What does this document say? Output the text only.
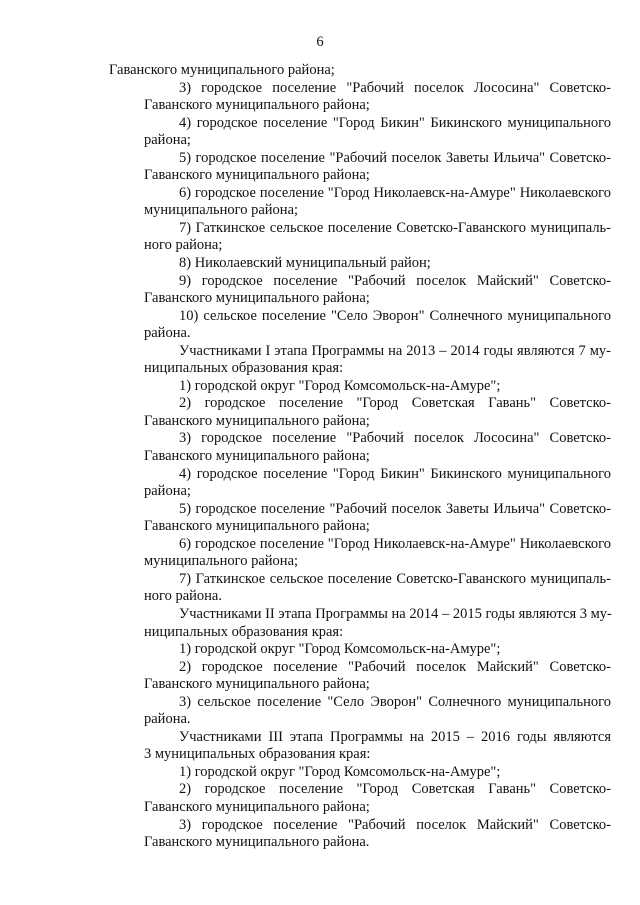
6
Гаванского муниципального района;
3) городское поселение "Рабочий поселок Лососина" Советско-
Гаванского муниципального района;
4) городское поселение "Город Бикин" Бикинского муниципального
района;
5) городское поселение "Рабочий поселок Заветы Ильича" Советско-
Гаванского муниципального района;
6) городское поселение "Город Николаевск-на-Амуре" Николаевского
муниципального района;
7) Гаткинское сельское поселение Советско-Гаванского муниципаль-
ного района;
8) Николаевский муниципальный район;
9) городское поселение "Рабочий поселок Майский" Советско-
Гаванского муниципального района;
10) сельское поселение "Село Эворон" Солнечного муниципального
района.
Участниками I этапа Программы на 2013 – 2014 годы являются 7 му-
ниципальных образования края:
1) городской округ "Город Комсомольск-на-Амуре";
2) городское поселение "Город Советская Гавань" Советско-
Гаванского муниципального района;
3) городское поселение "Рабочий поселок Лососина" Советско-
Гаванского муниципального района;
4) городское поселение "Город Бикин" Бикинского муниципального
района;
5) городское поселение "Рабочий поселок Заветы Ильича" Советско-
Гаванского муниципального района;
6) городское поселение "Город Николаевск-на-Амуре" Николаевского
муниципального района;
7) Гаткинское сельское поселение Советско-Гаванского муниципаль-
ного района.
Участниками II этапа Программы на 2014 – 2015 годы являются 3 му-
ниципальных образования края:
1) городской округ "Город Комсомольск-на-Амуре";
2) городское поселение "Рабочий поселок Майский" Советско-
Гаванского муниципального района;
3) сельское поселение "Село Эворон" Солнечного муниципального
района.
Участниками III этапа Программы на 2015 – 2016 годы являются
3 муниципальных образования края:
1) городской округ "Город Комсомольск-на-Амуре";
2) городское поселение "Город Советская Гавань" Советско-
Гаванского муниципального района;
3) городское поселение "Рабочий поселок Майский" Советско-
Гаванского муниципального района.
